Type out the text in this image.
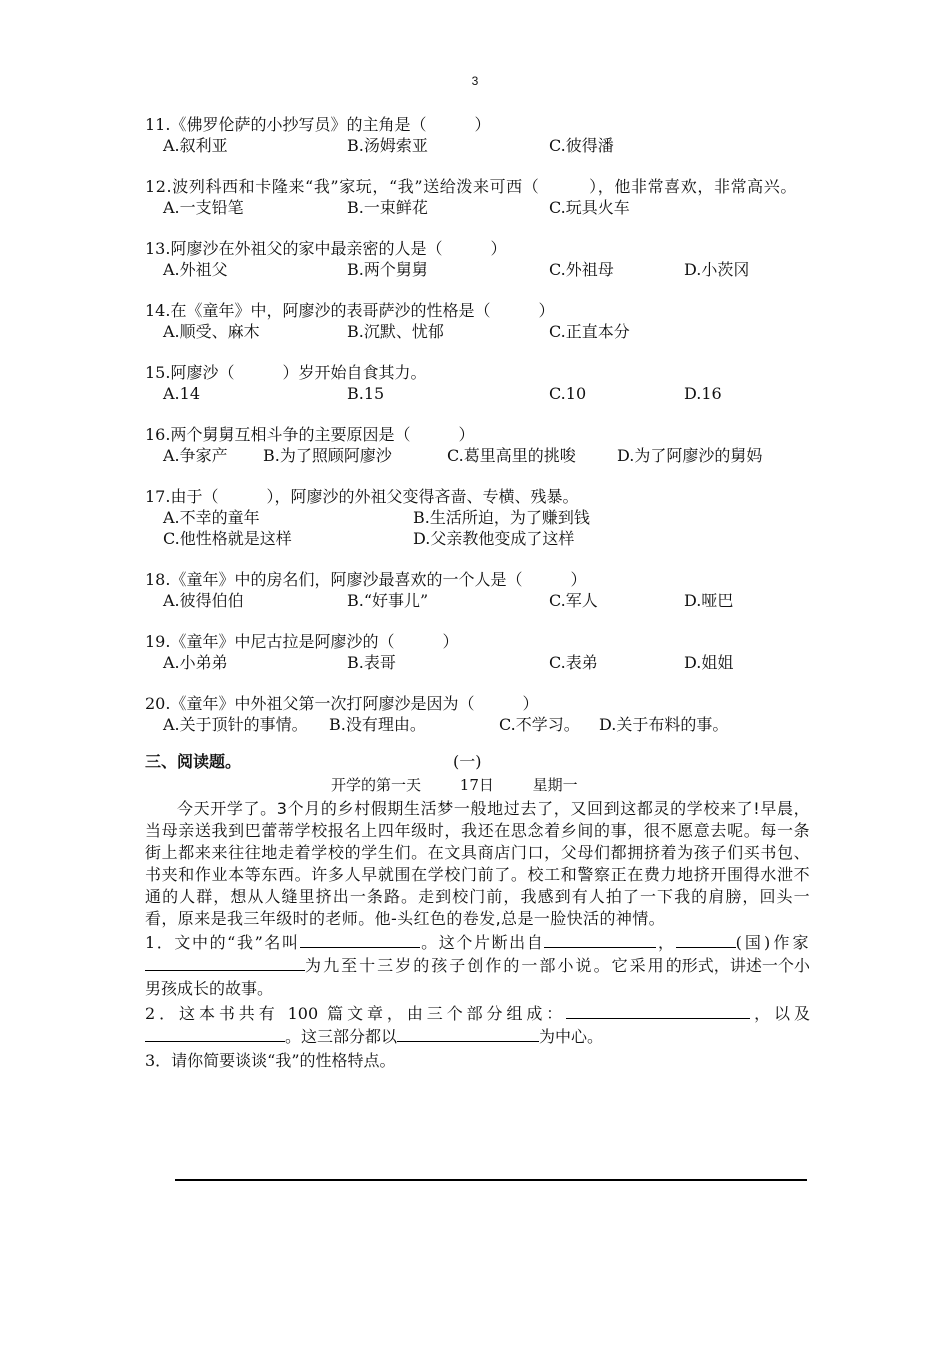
3
11.《佛罗伦萨的小抄写员》的主角是（　　　）
A.叙利亚	B.汤姆索亚	C.彼得潘
12.波列科西和卡隆来“我”家玩，“我”送给泼来可西（　　　），他非常喜欢，非常高兴。
A.一支铅笔	B.一束鲜花	C.玩具火车
13.阿廖沙在外祖父的家中最亲密的人是（　　　）
A.外祖父	B.两个舅舅	C.外祖母	D.小茨冈
14.在《童年》中，阿廖沙的表哥萨沙的性格是（　　　）
A.顺受、麻木	B.沉默、忧郁	C.正直本分
15.阿廖沙（　　　）岁开始自食其力。
A.14	B.15	C.10	D.16
16.两个舅舅互相斗争的主要原因是（　　　）
A.争家产	B.为了照顾阿廖沙	C.葛里高里的挑唆	D.为了阿廖沙的舅妈
17.由于（　　　），阿廖沙的外祖父变得吝啬、专横、残暴。
A.不幸的童年	B.生活所迫，为了赚到钱
C.他性格就是这样	D.父亲教他变成了这样
18.《童年》中的房名们，阿廖沙最喜欢的一个人是（　　　）
A.彼得伯伯	B.“好事儿”	C.军人	D.哑巴
19.《童年》中尼古拉是阿廖沙的（　　　）
A.小弟弟	B.表哥	C.表弟	D.姐姐
20.《童年》中外祖父第一次打阿廖沙是因为（　　　）
A.关于顶针的事情。	B.没有理由。	C.不学习。	D.关于布料的事。
三、阅读题。	(一)
开学的第一天	17日	星期一
今天开学了。3个月的乡村假期生活梦一般地过去了，又回到这都灵的学校来了!早晨，当母亲送我到巴蕾蒂学校报名上四年级时，我还在思念着乡间的事，很不愿意去呢。每一条街上都来来往往地走着学校的学生们。在文具商店门口，父母们都拥挤着为孩子们买书包、书夹和作业本等东西。许多人早就围在学校门前了。校工和警察正在费力地挤开围得水泄不通的人群，想从人缝里挤出一条路。走到校门前，我感到有人拍了一下我的肩膀，回头一看，原来是我三年级时的老师。他-头红色的卷发,总是一脸快活的神情。
1．文中的“我”名叫	。这个片断出自	，	(国)作家为九至十三岁的孩子创作的一部小说。它采用的形式，讲述一个小男孩成长的故事。
2．这本书共有 100 篇文章，由三个部分组成：	，以及。这三部分都以	为中心。
3．请你简要谈谈“我”的性格特点。
